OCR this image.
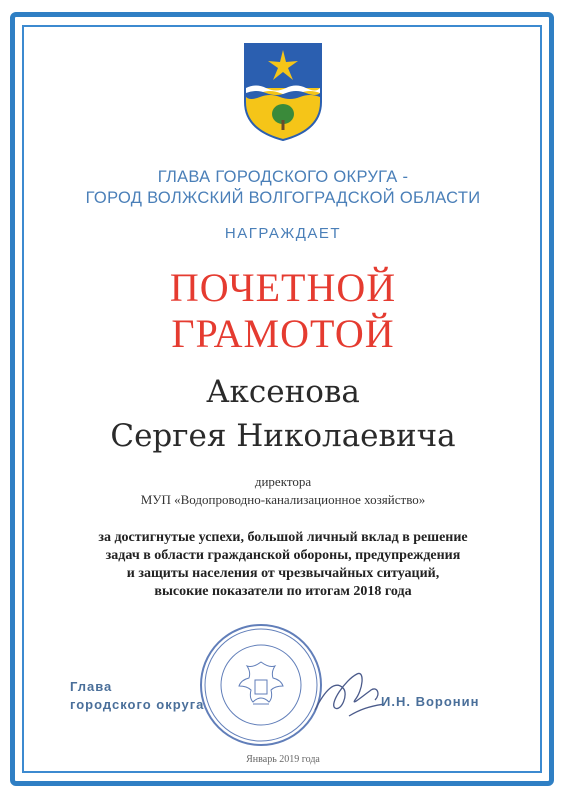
ГЛАВА ГОРОДСКОГО ОКРУГА -
ГОРОД ВОЛЖСКИЙ ВОЛГОГРАДСКОЙ ОБЛАСТИ
НАГРАЖДАЕТ
ПОЧЕТНОЙ
ГРАМОТОЙ
Аксенова
Сергея Николаевича
директора
МУП «Водопроводно-канализационное хозяйство»
за достигнутые успехи, большой личный вклад в решение
задач в области гражданской обороны, предупреждения
и защиты населения от чрезвычайных ситуаций,
высокие показатели по итогам 2018 года
Глава
городского округа	И.Н. Воронин
Январь 2019 года
